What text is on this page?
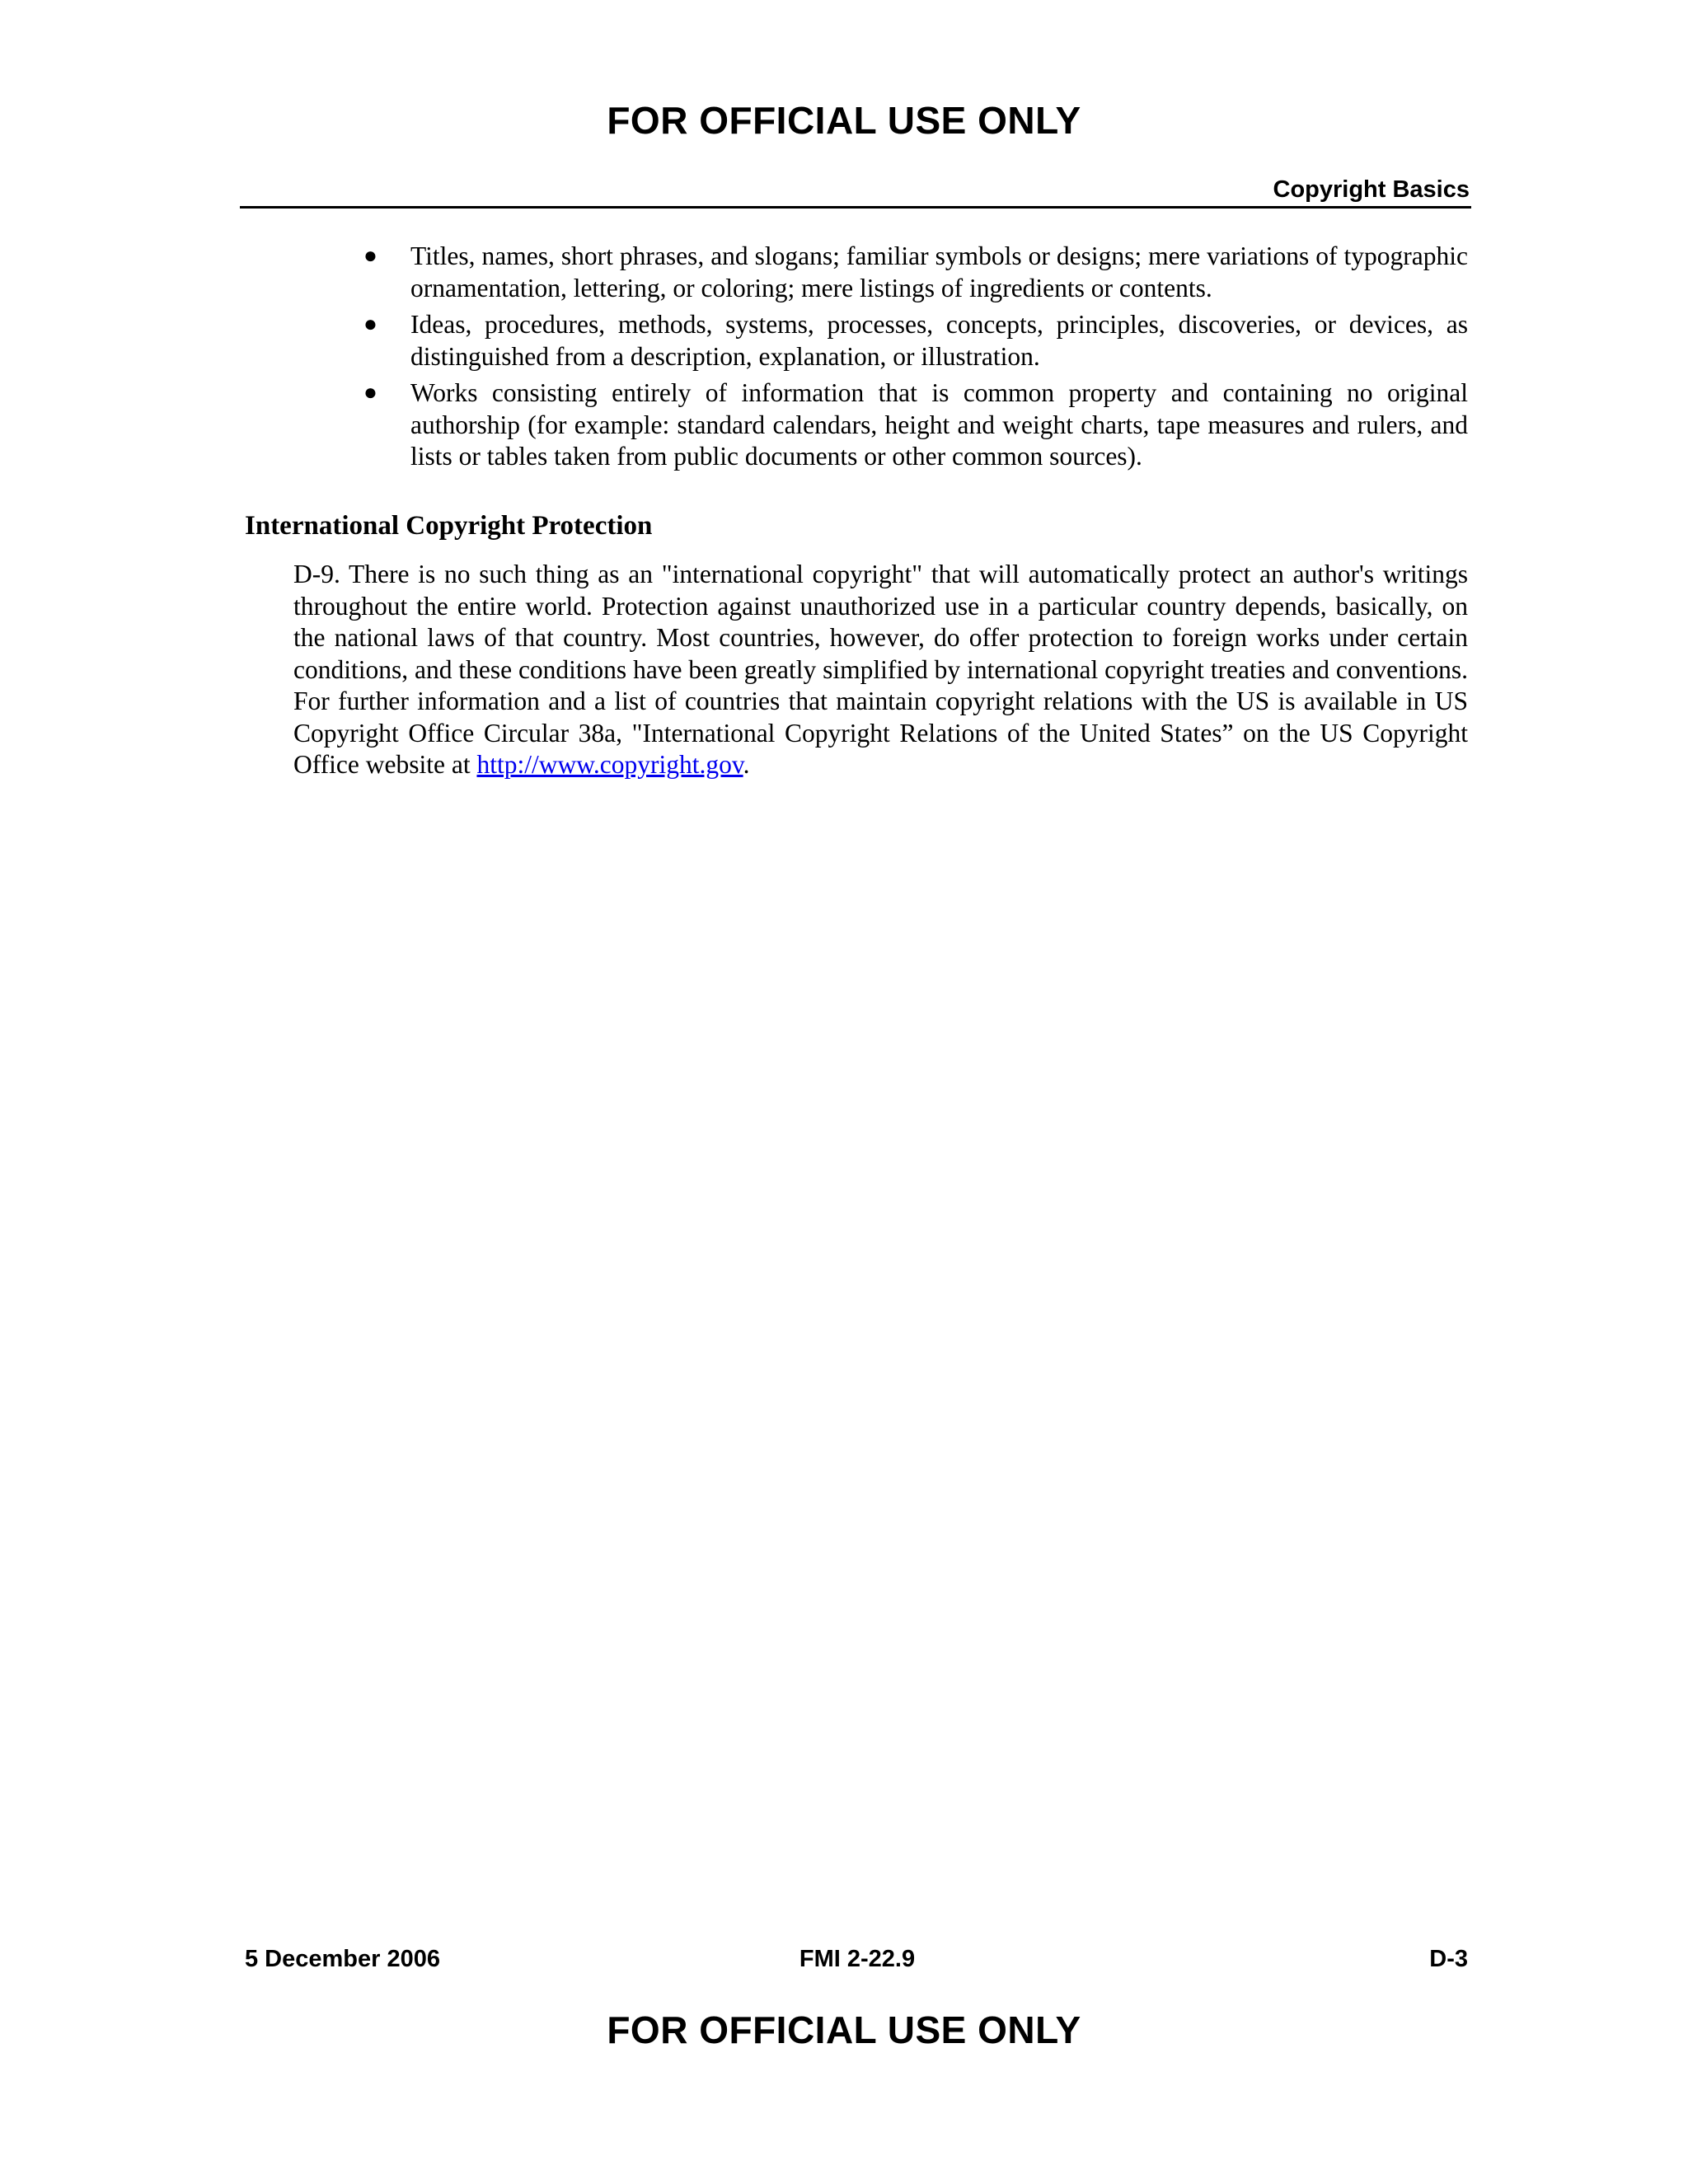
FOR OFFICIAL USE ONLY
Copyright Basics
● Titles, names, short phrases, and slogans; familiar symbols or designs; mere variations of typographic ornamentation, lettering, or coloring; mere listings of ingredients or contents.
● Ideas, procedures, methods, systems, processes, concepts, principles, discoveries, or devices, as distinguished from a description, explanation, or illustration.
● Works consisting entirely of information that is common property and containing no original authorship (for example: standard calendars, height and weight charts, tape measures and rulers, and lists or tables taken from public documents or other common sources).
International Copyright Protection

D-9. There is no such thing as an "international copyright" that will automatically protect an author's writings throughout the entire world. Protection against unauthorized use in a particular country depends, basically, on the national laws of that country. Most countries, however, do offer protection to foreign works under certain conditions, and these conditions have been greatly simplified by international copyright treaties and conventions. For further information and a list of countries that maintain copyright relations with the US is available in US Copyright Office Circular 38a, "International Copyright Relations of the United States” on the US Copyright Office website at http://www.copyright.gov.

5 December 2006	FMI 2-22.9	D-3
FOR OFFICIAL USE ONLY
